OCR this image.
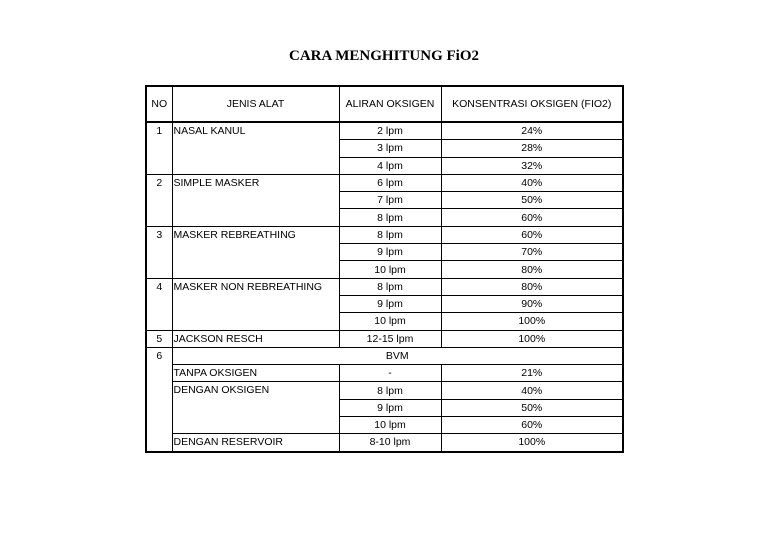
CARA MENGHITUNG FiO2
NO	JENIS ALAT	ALIRAN OKSIGEN	KONSENTRASI OKSIGEN (FIO2)
1	NASAL KANUL	2 lpm	24%
		3 lpm	28%
		4 lpm	32%
2	SIMPLE MASKER	6 lpm	40%
		7 lpm	50%
		8 lpm	60%
3	MASKER REBREATHING	8 lpm	60%
		9 lpm	70%
		10 lpm	80%
4	MASKER NON REBREATHING	8 lpm	80%
		9 lpm	90%
		10 lpm	100%
5	JACKSON RESCH	12-15 lpm	100%
6	BVM		
	TANPA OKSIGEN	-	21%
	DENGAN OKSIGEN	8 lpm	40%
		9 lpm	50%
		10 lpm	60%
	DENGAN RESERVOIR	8-10 lpm	100%
